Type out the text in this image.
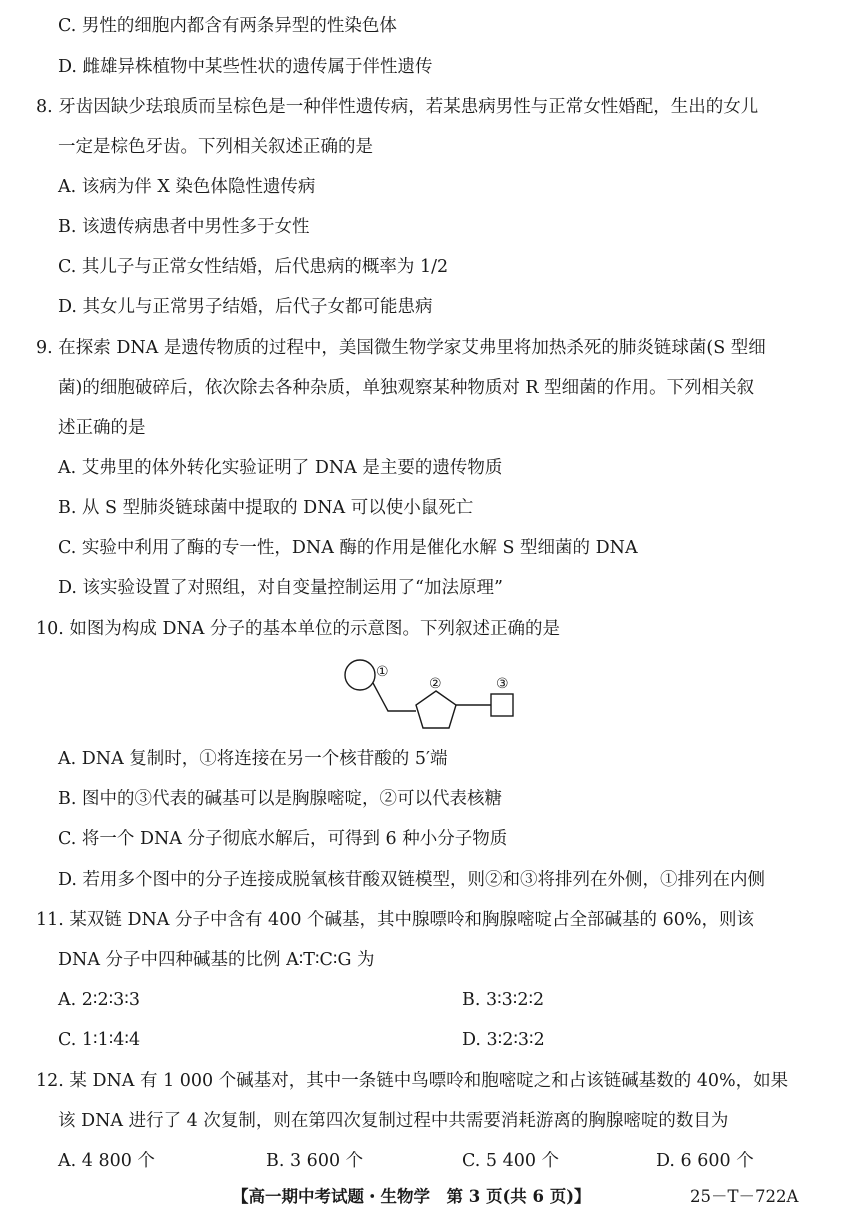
C. 男性的细胞内都含有两条异型的性染色体
D. 雌雄异株植物中某些性状的遗传属于伴性遗传
8. 牙齿因缺少珐琅质而呈棕色是一种伴性遗传病，若某患病男性与正常女性婚配，生出的女儿
一定是棕色牙齿。下列相关叙述正确的是
A. 该病为伴 X 染色体隐性遗传病
B. 该遗传病患者中男性多于女性
C. 其儿子与正常女性结婚，后代患病的概率为 1/2
D. 其女儿与正常男子结婚，后代子女都可能患病
9. 在探索 DNA 是遗传物质的过程中，美国微生物学家艾弗里将加热杀死的肺炎链球菌(S 型细
菌)的细胞破碎后，依次除去各种杂质，单独观察某种物质对 R 型细菌的作用。下列相关叙
述正确的是
A. 艾弗里的体外转化实验证明了 DNA 是主要的遗传物质
B. 从 S 型肺炎链球菌中提取的 DNA 可以使小鼠死亡
C. 实验中利用了酶的专一性，DNA 酶的作用是催化水解 S 型细菌的 DNA
D. 该实验设置了对照组，对自变量控制运用了“加法原理”
10. 如图为构成 DNA 分子的基本单位的示意图。下列叙述正确的是
①
②	③
A. DNA 复制时，①将连接在另一个核苷酸的 5′端
B. 图中的③代表的碱基可以是胸腺嘧啶，②可以代表核糖
C. 将一个 DNA 分子彻底水解后，可得到 6 种小分子物质
D. 若用多个图中的分子连接成脱氧核苷酸双链模型，则②和③将排列在外侧，①排列在内侧
11. 某双链 DNA 分子中含有 400 个碱基，其中腺嘌呤和胸腺嘧啶占全部碱基的 60%，则该
DNA 分子中四种碱基的比例 A∶T∶C∶G 为
A. 2∶2∶3∶3	B. 3∶3∶2∶2
C. 1∶1∶4∶4	D. 3∶2∶3∶2
12. 某 DNA 有 1 000 个碱基对，其中一条链中鸟嘌呤和胞嘧啶之和占该链碱基数的 40%，如果
该 DNA 进行了 4 次复制，则在第四次复制过程中共需要消耗游离的胸腺嘧啶的数目为
A. 4 800 个	B. 3 600 个	C. 5 400 个	D. 6 600 个
【高一期中考试题・生物学　第 3 页(共 6 页)】	25－T－722A
